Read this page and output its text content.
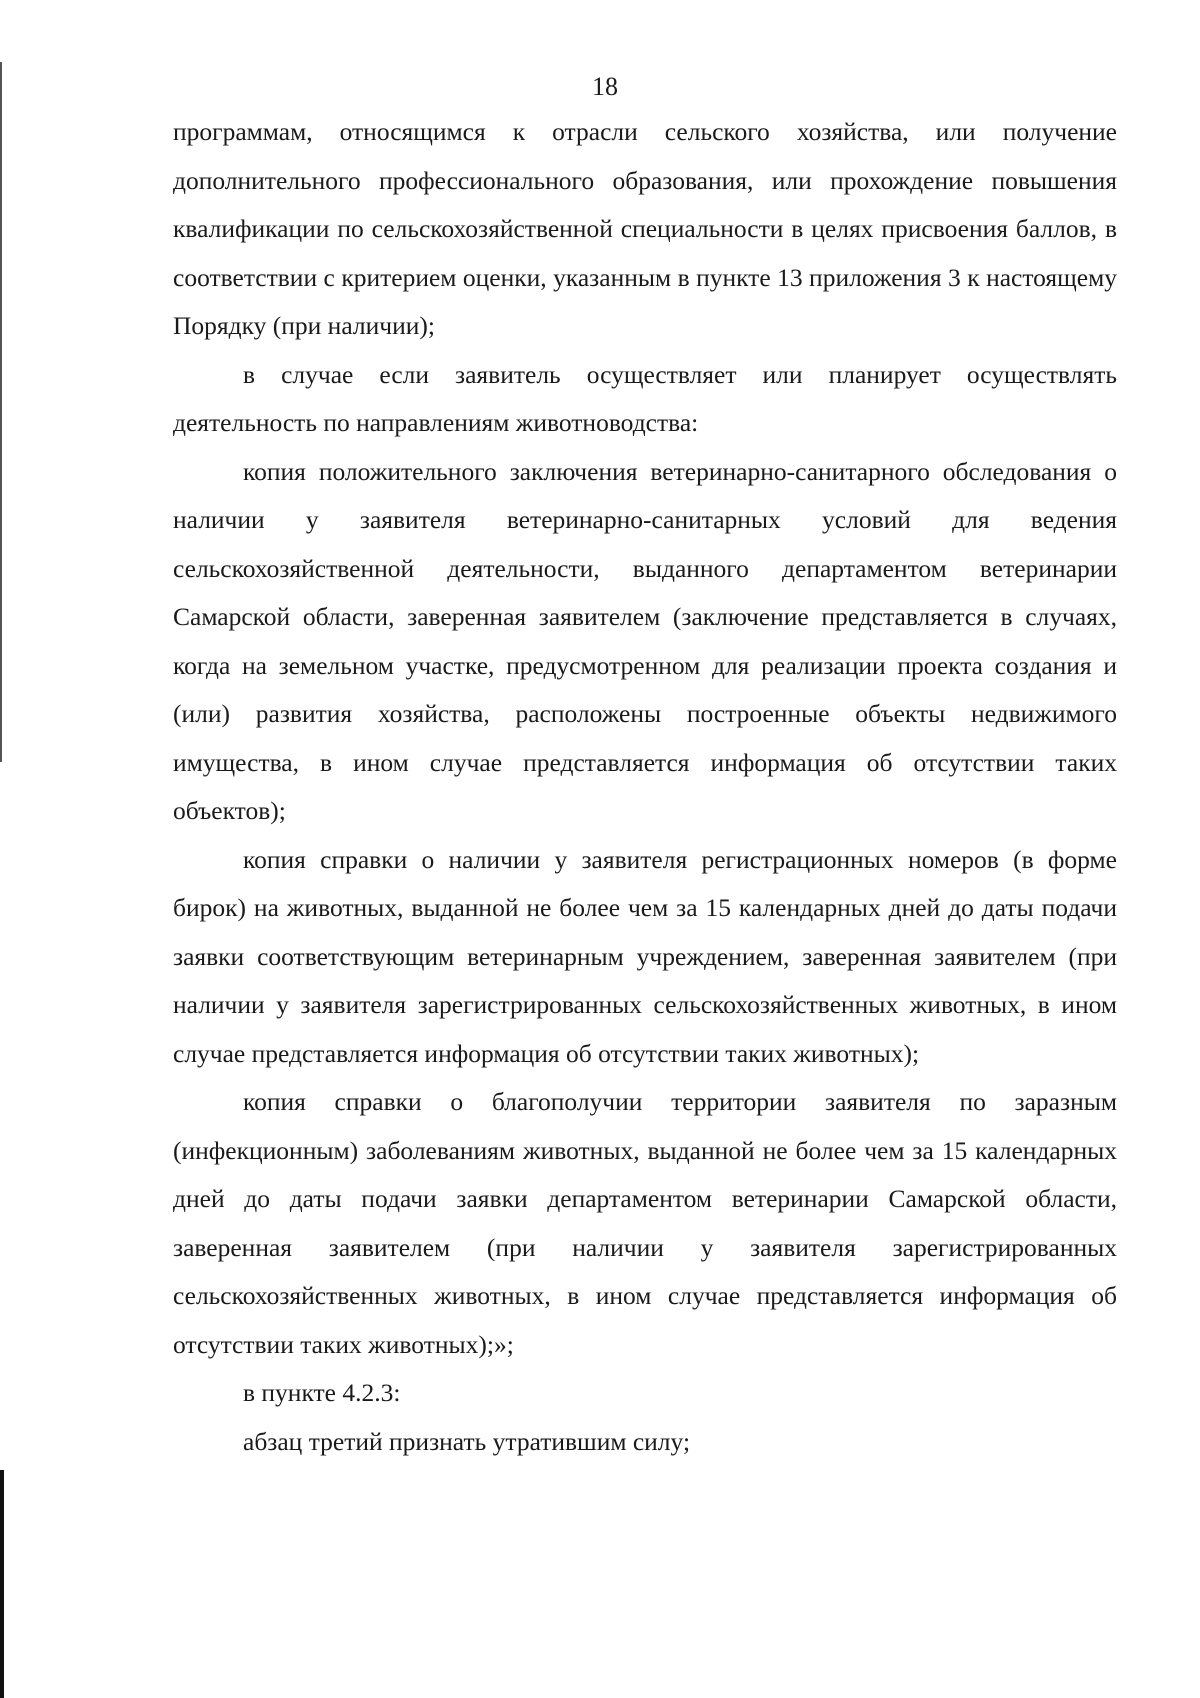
18

программам, относящимся к отрасли сельского хозяйства, или получение дополнительного профессионального образования, или прохождение повышения квалификации по сельскохозяйственной специальности в целях присвоения баллов, в соответствии с критерием оценки, указанным в пункте 13 приложения 3 к настоящему Порядку (при наличии);

в случае если заявитель осуществляет или планирует осуществлять деятельность по направлениям животноводства:

копия положительного заключения ветеринарно-санитарного обследования о наличии у заявителя ветеринарно-санитарных условий для ведения сельскохозяйственной деятельности, выданного департаментом ветеринарии Самарской области, заверенная заявителем (заключение представляется в случаях, когда на земельном участке, предусмотренном для реализации проекта создания и (или) развития хозяйства, расположены построенные объекты недвижимого имущества, в ином случае представляется информация об отсутствии таких объектов);

копия справки о наличии у заявителя регистрационных номеров (в форме бирок) на животных, выданной не более чем за 15 календарных дней до даты подачи заявки соответствующим ветеринарным учреждением, заверенная заявителем (при наличии у заявителя зарегистрированных сельскохозяйственных животных, в ином случае представляется информация об отсутствии таких животных);

копия справки о благополучии территории заявителя по заразным (инфекционным) заболеваниям животных, выданной не более чем за 15 календарных дней до даты подачи заявки департаментом ветеринарии Самарской области, заверенная заявителем (при наличии у заявителя зарегистрированных сельскохозяйственных животных, в ином случае представляется информация об отсутствии таких животных);»;

в пункте 4.2.3:

абзац третий признать утратившим силу;
